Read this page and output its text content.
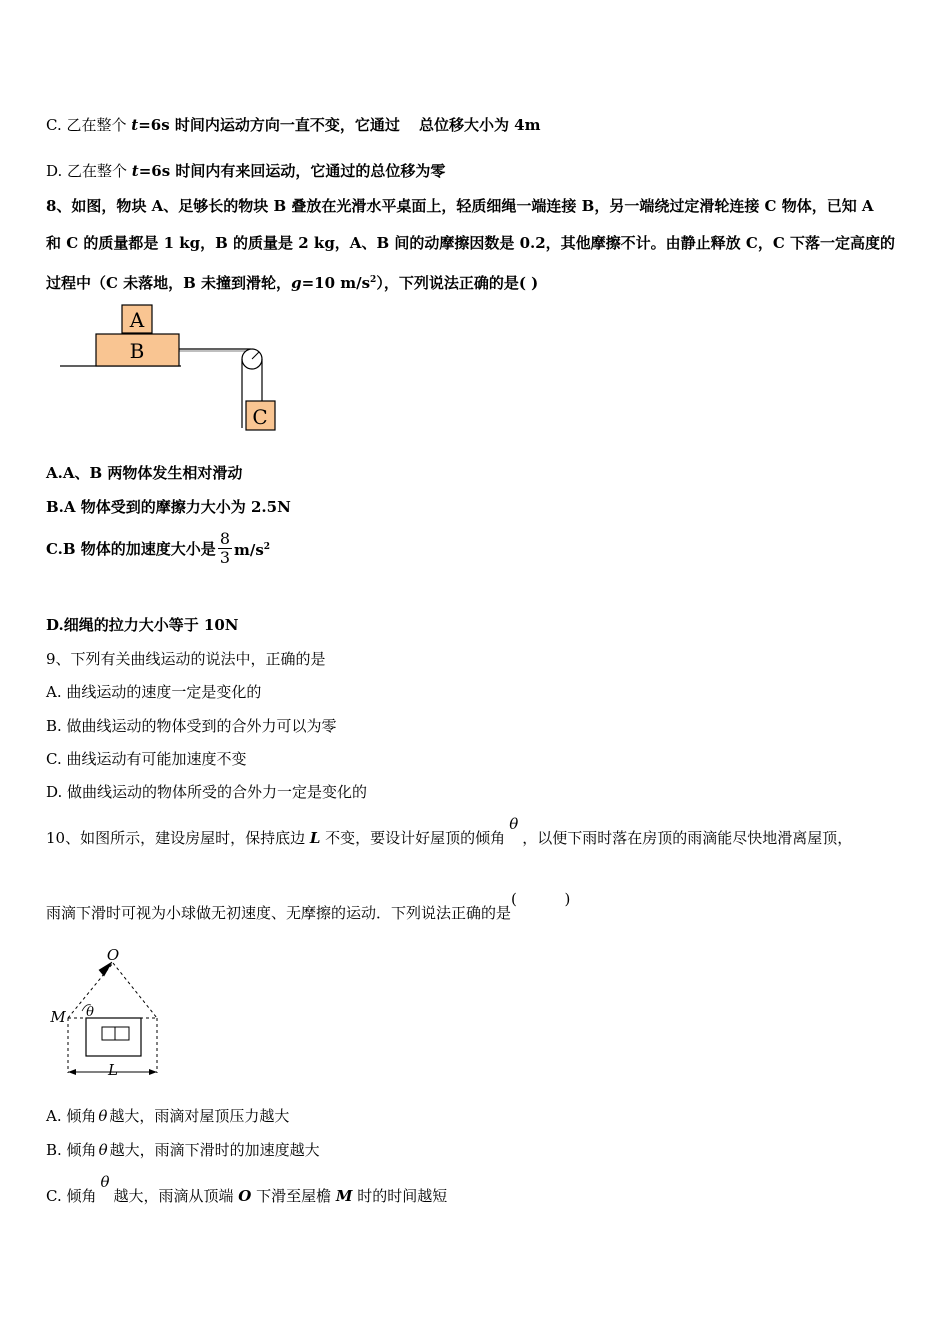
C. 乙在整个 t=6s 时间内运动方向一直不变，它通过 总位移大小为 4m
D. 乙在整个 t=6s 时间内有来回运动，它通过的总位移为零
8、如图，物块 A、足够长的物块 B 叠放在光滑水平桌面上，轻质细绳一端连接 B，另一端绕过定滑轮连接 C 物体，已知 A
和 C 的质量都是 1 kg，B 的质量是 2 kg，A、B 间的动摩擦因数是 0.2，其他摩擦不计。由静止释放 C，C 下落一定高度的
过程中（C 未落地，B 未撞到滑轮，g=10 $m/s^2$），下列说法正确的是( )
A
B
C
A.A、B 两物体发生相对滑动
B.A 物体受到的摩擦力大小为 2.5N
C.B 物体的加速度大小是 $\frac{8}{3} m/s^2$
D.细绳的拉力大小等于 10N
9、下列有关曲线运动的说法中，正确的是
A. 曲线运动的速度一定是变化的
B. 做曲线运动的物体受到的合外力可以为零
C. 曲线运动有可能加速度不变
D. 做曲线运动的物体所受的合外力一定是变化的
10、如图所示，建设房屋时，保持底边 L 不变，要设计好屋顶的倾角θ，以便下雨时落在房顶的雨滴能尽快地滑离屋顶，
雨滴下滑时可视为小球做无初速度、无摩擦的运动．下列说法正确的是(          )
O
M θ
L
A. 倾角 θ 越大，雨滴对屋顶压力越大
B. 倾角 θ 越大，雨滴下滑时的加速度越大
C. 倾角θ越大，雨滴从顶端 O 下滑至屋檐 M 时的时间越短
